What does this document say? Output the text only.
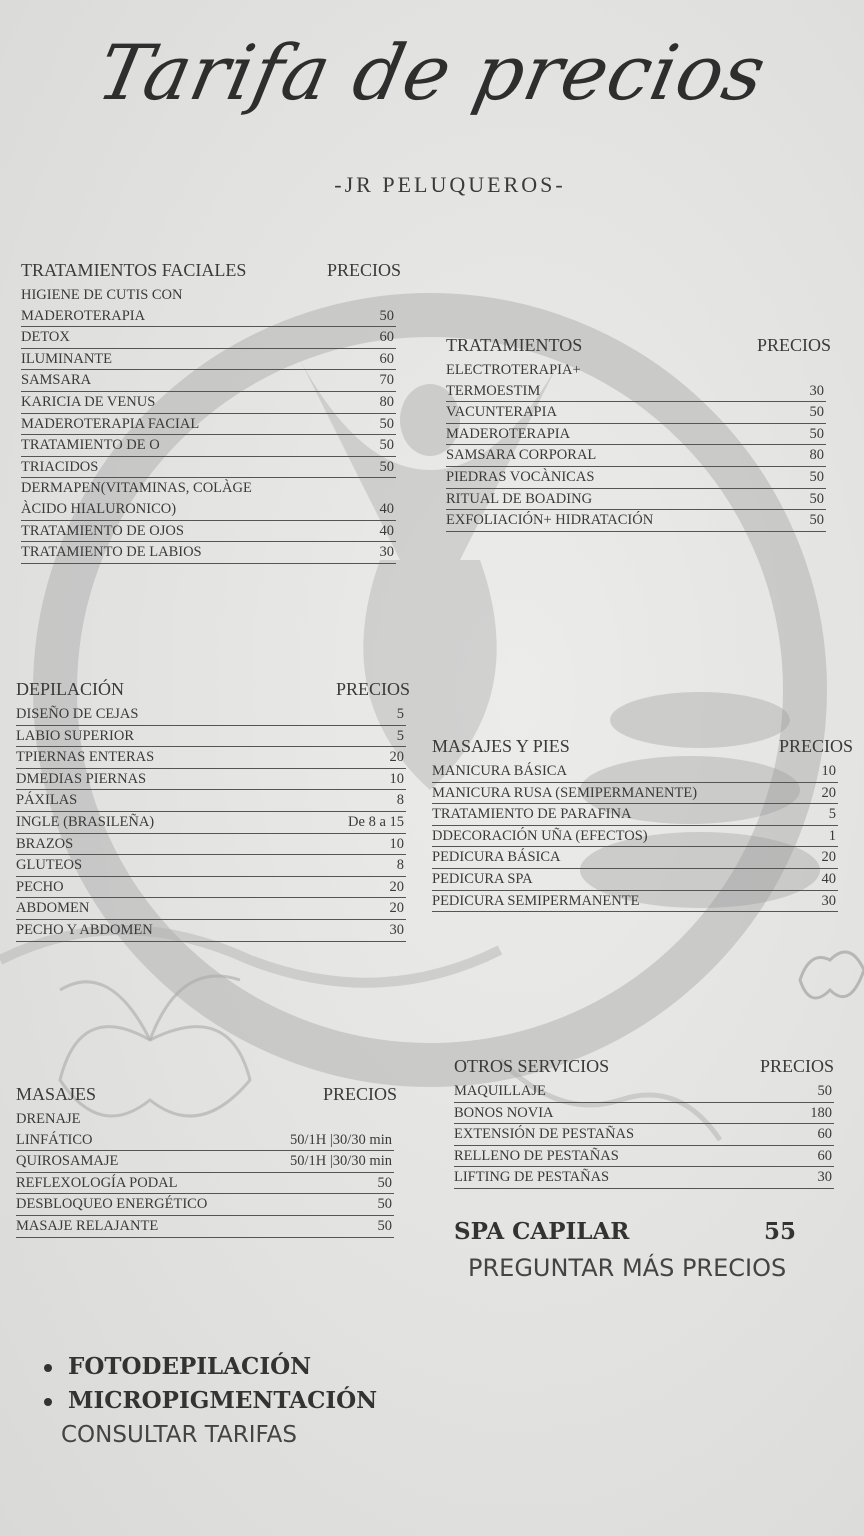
Tarifa de precios
-JR PELUQUEROS-
TRATAMIENTOS FACIALES	PRECIOS
HIGIENE DE CUTIS CON
MADEROTERAPIA	50
DETOX	60
ILUMINANTE	60
SAMSARA	70
KARICIA DE VENUS	80
MADEROTERAPIA FACIAL	50
TRATAMIENTO DE O	50
TRIACIDOS	50
DERMAPEN(VITAMINAS, COLÀGE
ÀCIDO HIALURONICO)	40
TRATAMIENTO DE OJOS	40
TRATAMIENTO DE LABIOS	30
TRATAMIENTOS	PRECIOS
ELECTROTERAPIA+
TERMOESTIM	30
VACUNTERAPIA	50
MADEROTERAPIA	50
SAMSARA CORPORAL	80
PIEDRAS VOCÀNICAS	50
RITUAL DE BOADING	50
EXFOLIACIÓN+ HIDRATACIÓN	50
DEPILACIÓN	PRECIOS
DISEÑO DE CEJAS	5
LABIO SUPERIOR	5
TPIERNAS ENTERAS	20
DMEDIAS PIERNAS	10
PÁXILAS	8
INGLE (BRASILEÑA)	De 8 a 15
BRAZOS	10
GLUTEOS	8
PECHO	20
ABDOMEN	20
PECHO Y ABDOMEN	30
MASAJES Y PIES	PRECIOS
MANICURA BÁSICA	10
MANICURA RUSA (SEMIPERMANENTE)	20
TRATAMIENTO DE PARAFINA	5
DDECORACIÓN UÑA (EFECTOS)	1
PEDICURA BÁSICA	20
PEDICURA SPA	40
PEDICURA SEMIPERMANENTE	30
MASAJES	PRECIOS
DRENAJE
LINFÁTICO	50/1H |30/30 min
QUIROSAMAJE	50/1H |30/30 min
REFLEXOLOGÍA PODAL	50
DESBLOQUEO ENERGÉTICO	50
MASAJE RELAJANTE	50
OTROS SERVICIOS	PRECIOS
MAQUILLAJE	50
BONOS NOVIA	180
EXTENSIÓN DE PESTAÑAS	60
RELLENO DE PESTAÑAS	60
LIFTING DE PESTAÑAS	30
SPA CAPILAR	55
PREGUNTAR MÁS PRECIOS
FOTODEPILACIÓN
MICROPIGMENTACIÓN
CONSULTAR TARIFAS
